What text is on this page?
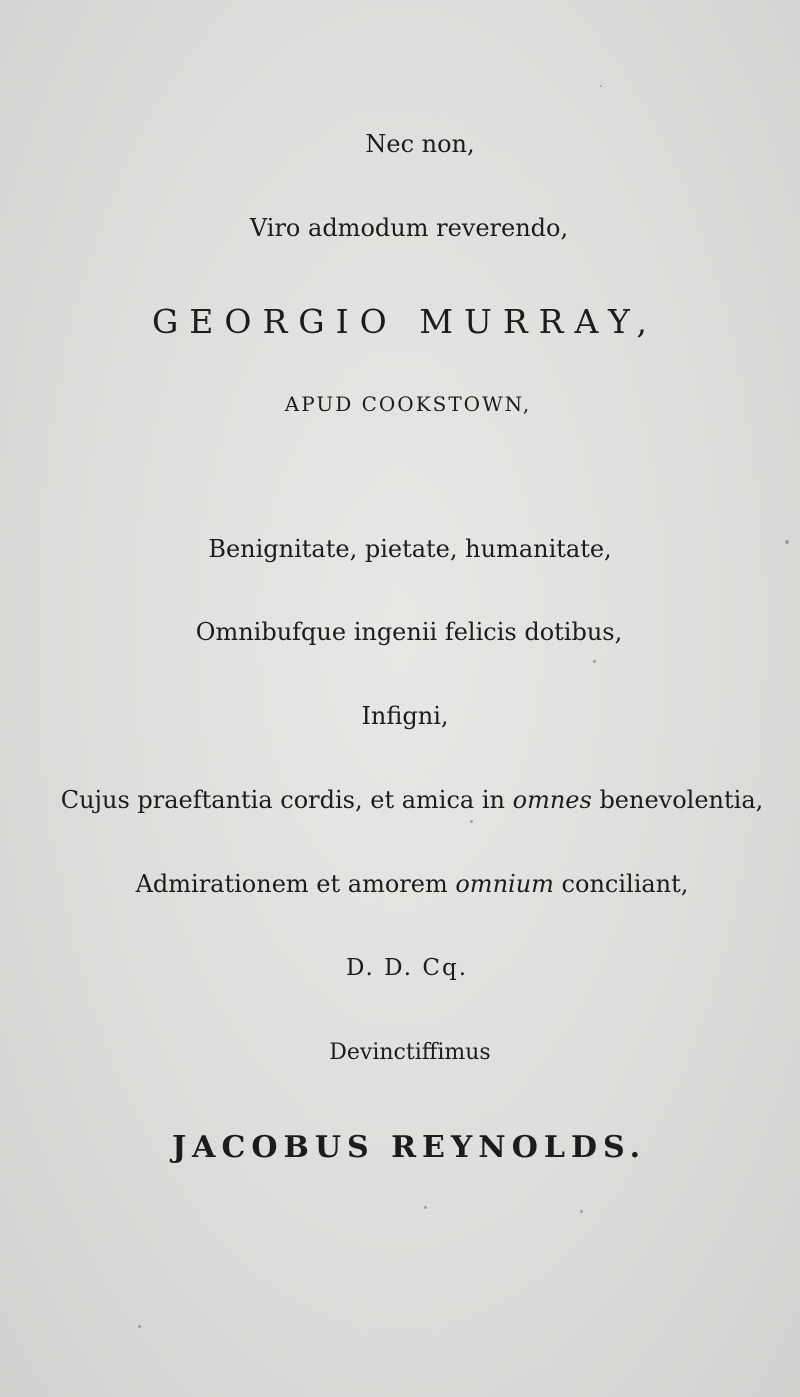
Nec non,
Viro admodum reverendo,
GEORGIO MURRAY,
APUD COOKSTOWN,
Benignitate, pietate, humanitate,
Omnibufque ingenii felicis dotibus,
Infigni,
Cujus praeftantia cordis, et amica in omnes benevolentia,
Admirationem et amorem omnium conciliant,
D. D. Cq.
Devinctiffimus
JACOBUS REYNOLDS.
